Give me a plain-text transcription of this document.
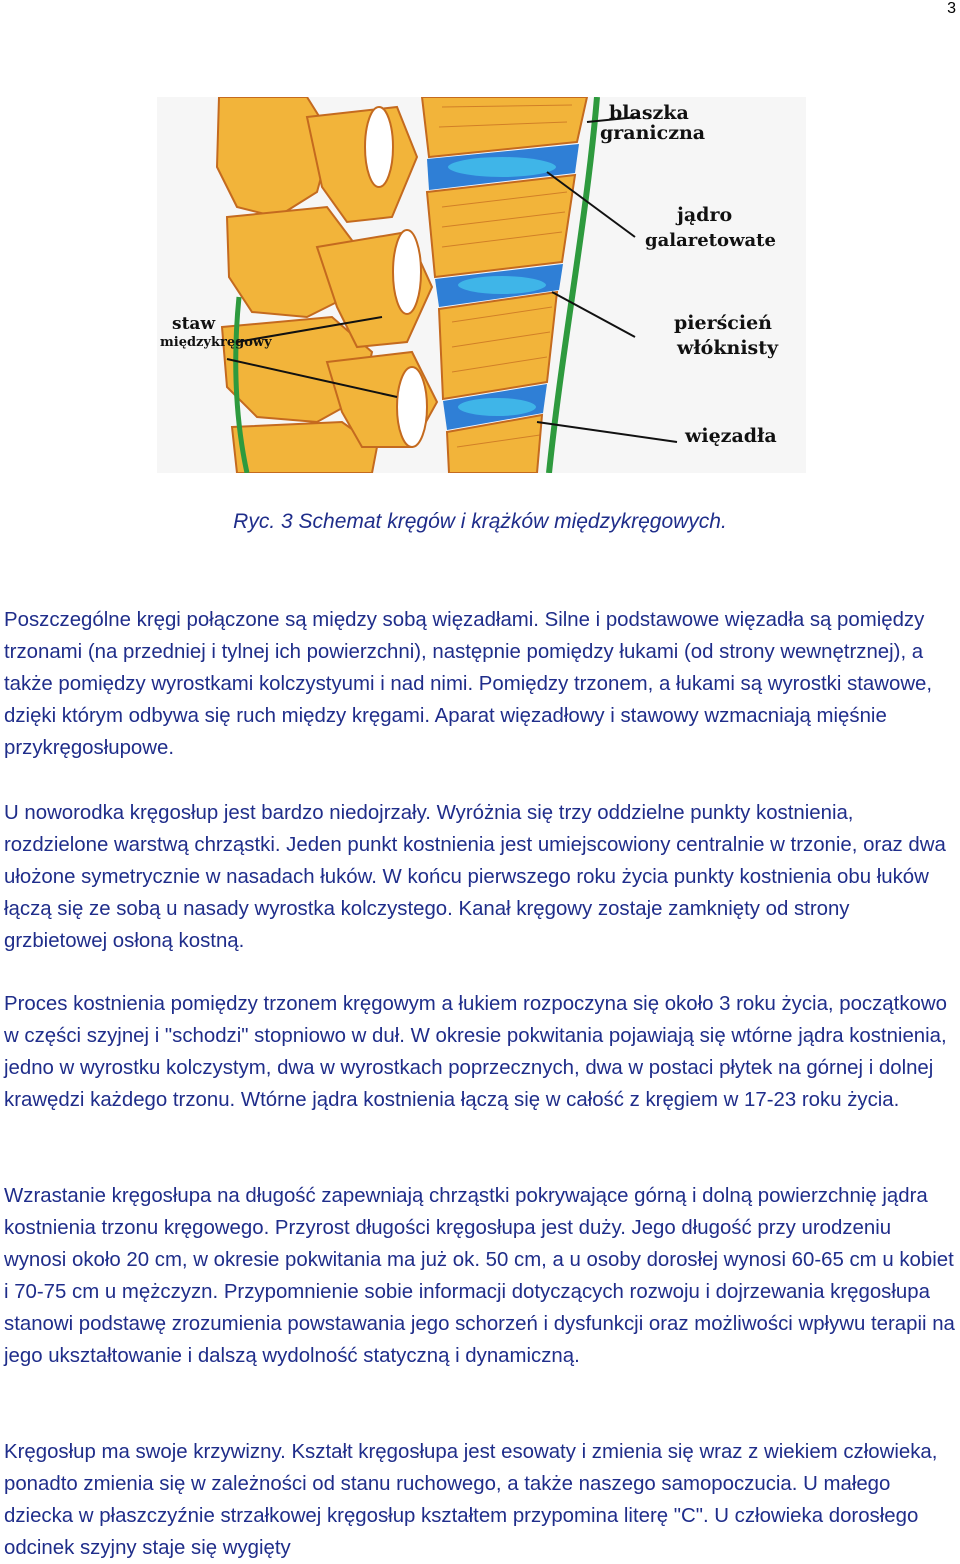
3
blaszka
graniczna
jądro
galaretowate
staw
międzykręgowy
pierścień
włóknisty
więzadła
Ryc. 3 Schemat kręgów i krążków międzykręgowych.
Poszczególne kręgi połączone są między sobą więzadłami. Silne i podstawowe więzadła są pomiędzy trzonami (na przedniej i tylnej ich powierzchni), następnie pomiędzy łukami (od strony wewnętrznej), a także pomiędzy wyrostkami kolczystyumi i nad nimi. Pomiędzy trzonem, a łukami są wyrostki stawowe, dzięki którym odbywa się ruch między kręgami. Aparat więzadłowy i stawowy wzmacniają mięśnie przykręgosłupowe.
U noworodka kręgosłup jest bardzo niedojrzały. Wyróżnia się trzy oddzielne punkty kostnienia, rozdzielone warstwą chrząstki. Jeden punkt kostnienia jest umiejscowiony centralnie w trzonie, oraz dwa ułożone symetrycznie w nasadach łuków. W końcu pierwszego roku życia punkty kostnienia obu łuków łączą się ze sobą u nasady wyrostka kolczystego. Kanał kręgowy zostaje zamknięty od strony grzbietowej osłoną kostną.
Proces kostnienia pomiędzy trzonem kręgowym a łukiem rozpoczyna się około 3 roku życia, początkowo w części szyjnej i "schodzi" stopniowo w duł. W okresie pokwitania pojawiają się wtórne jądra kostnienia, jedno w wyrostku kolczystym, dwa w wyrostkach poprzecznych, dwa w postaci płytek na górnej i dolnej krawędzi każdego trzonu. Wtórne jądra kostnienia łączą się w całość z kręgiem w 17-23 roku życia.
Wzrastanie kręgosłupa na długość zapewniają chrząstki pokrywające górną i dolną powierzchnię jądra kostnienia trzonu kręgowego. Przyrost długości kręgosłupa jest duży. Jego długość przy urodzeniu wynosi około 20 cm, w okresie pokwitania ma już ok. 50 cm, a u osoby dorosłej wynosi 60-65 cm u kobiet i 70-75 cm u mężczyzn. Przypomnienie sobie informacji dotyczących rozwoju i dojrzewania kręgosłupa stanowi podstawę zrozumienia powstawania jego schorzeń i dysfunkcji oraz możliwości wpływu terapii na jego ukształtowanie i dalszą wydolność statyczną i dynamiczną.
Kręgosłup ma swoje krzywizny. Kształt kręgosłupa jest esowaty i zmienia się wraz z wiekiem człowieka, ponadto zmienia się w zależności od stanu ruchowego, a także naszego samopoczucia. U małego dziecka w płaszczyźnie strzałkowej kręgosłup kształtem przypomina literę "C". U człowieka dorosłego odcinek szyjny staje się wygięty
